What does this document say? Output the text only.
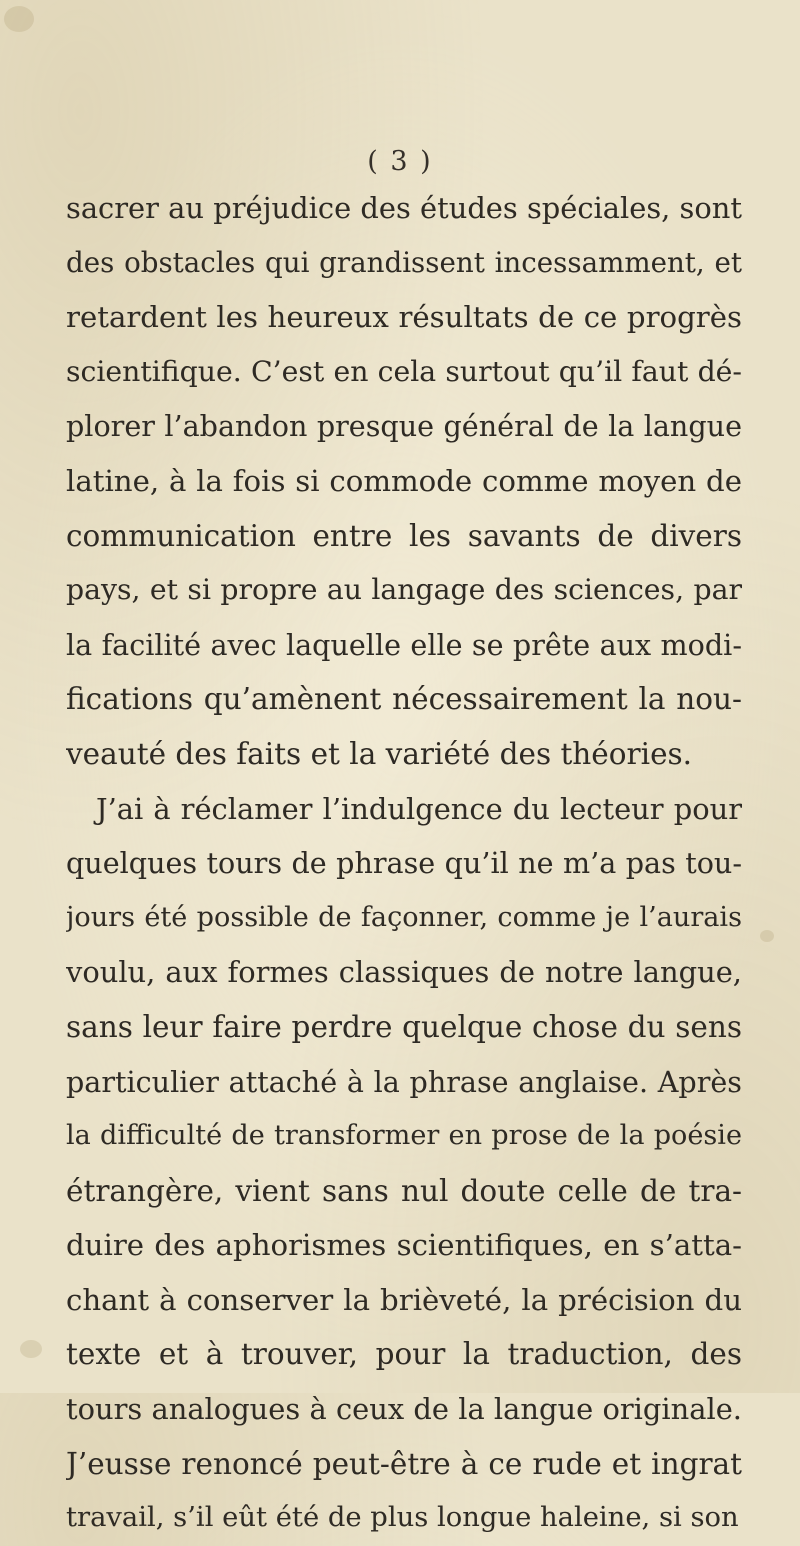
( 3 )
sacrer au préjudice des études spéciales, sont
des obstacles qui grandissent incessamment, et
retardent les heureux résultats de ce progrès
scientifique. C’est en cela surtout qu’il faut dé-
plorer l’abandon presque général de la langue
latine, à la fois si commode comme moyen de
communication entre les savants de divers
pays, et si propre au langage des sciences, par
la facilité avec laquelle elle se prête aux modi-
fications qu’amènent nécessairement la nou-
veauté des faits et la variété des théories.
J’ai à réclamer l’indulgence du lecteur pour
quelques tours de phrase qu’il ne m’a pas tou-
jours été possible de façonner, comme je l’aurais
voulu, aux formes classiques de notre langue,
sans leur faire perdre quelque chose du sens
particulier attaché à la phrase anglaise. Après
la difficulté de transformer en prose de la poésie
étrangère, vient sans nul doute celle de tra-
duire des aphorismes scientifiques, en s’atta-
chant à conserver la brièveté, la précision du
texte et à trouver, pour la traduction, des
tours analogues à ceux de la langue originale.
J’eusse renoncé peut-être à ce rude et ingrat
travail, s’il eût été de plus longue haleine, si son
